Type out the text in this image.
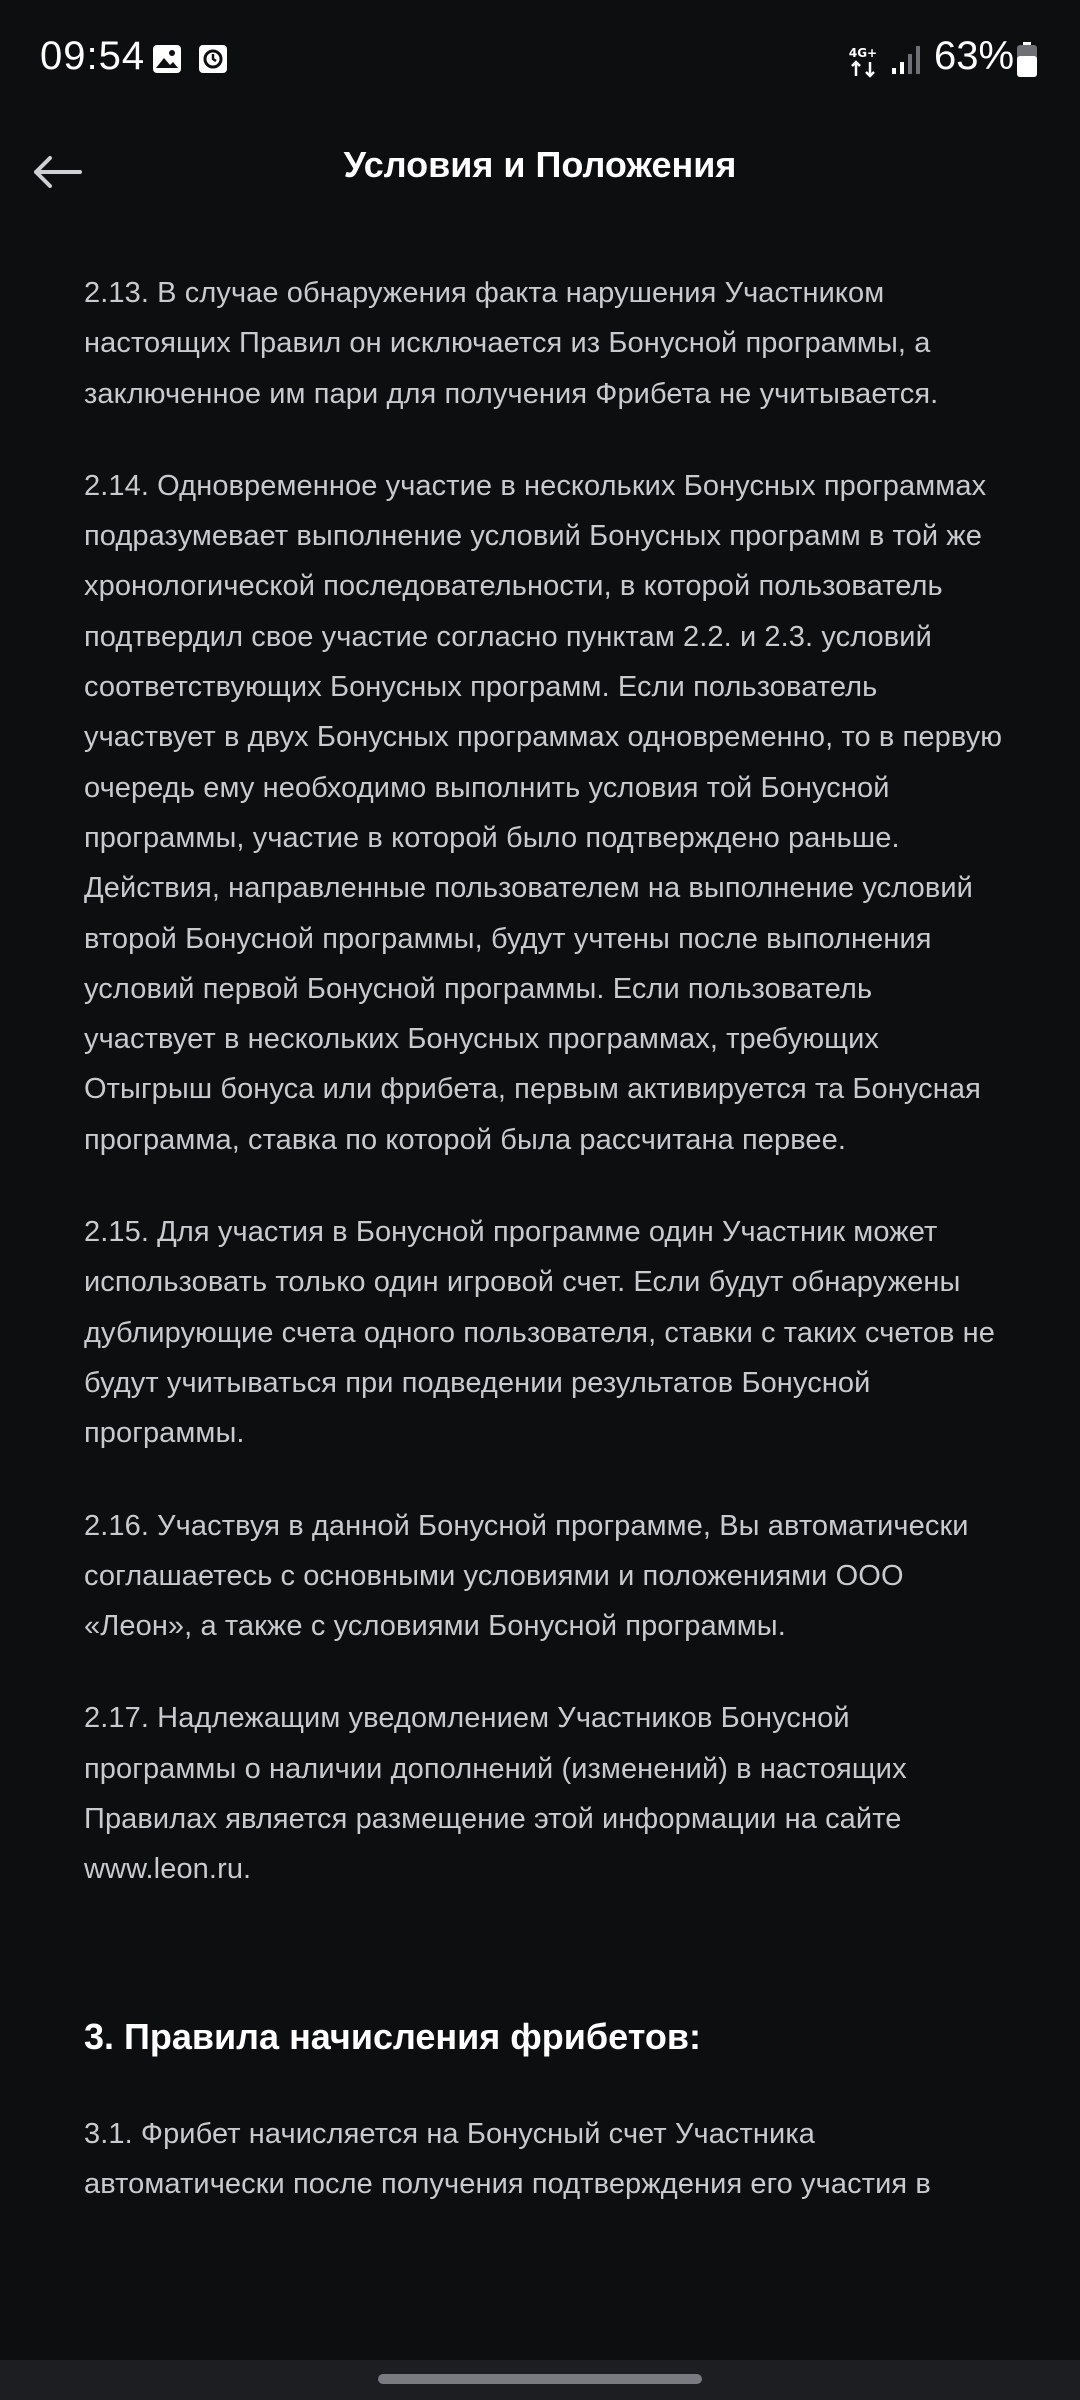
09:54	4G+ 63%
Условия и Положения

2.13. В случае обнаружения факта нарушения Участником настоящих Правил он исключается из Бонусной программы, а заключенное им пари для получения Фрибета не учитывается.

2.14. Одновременное участие в нескольких Бонусных программах подразумевает выполнение условий Бонусных программ в той же хронологической последовательности, в которой пользователь подтвердил свое участие согласно пунктам 2.2. и 2.3. условий соответствующих Бонусных программ. Если пользователь участвует в двух Бонусных программах одновременно, то в первую очередь ему необходимо выполнить условия той Бонусной программы, участие в которой было подтверждено раньше. Действия, направленные пользователем на выполнение условий второй Бонусной программы, будут учтены после выполнения условий первой Бонусной программы. Если пользователь участвует в нескольких Бонусных программах, требующих Отыгрыш бонуса или фрибета, первым активируется та Бонусная программа, ставка по которой была рассчитана первее.

2.15. Для участия в Бонусной программе один Участник может использовать только один игровой счет. Если будут обнаружены дублирующие счета одного пользователя, ставки с таких счетов не будут учитываться при подведении результатов Бонусной программы.

2.16. Участвуя в данной Бонусной программе, Вы автоматически соглашаетесь с основными условиями и положениями ООО «Леон», а также с условиями Бонусной программы.

2.17. Надлежащим уведомлением Участников Бонусной программы о наличии дополнений (изменений) в настоящих Правилах является размещение этой информации на сайте www.leon.ru.

3. Правила начисления фрибетов:

3.1. Фрибет начисляется на Бонусный счет Участника автоматически после получения подтверждения его участия в
